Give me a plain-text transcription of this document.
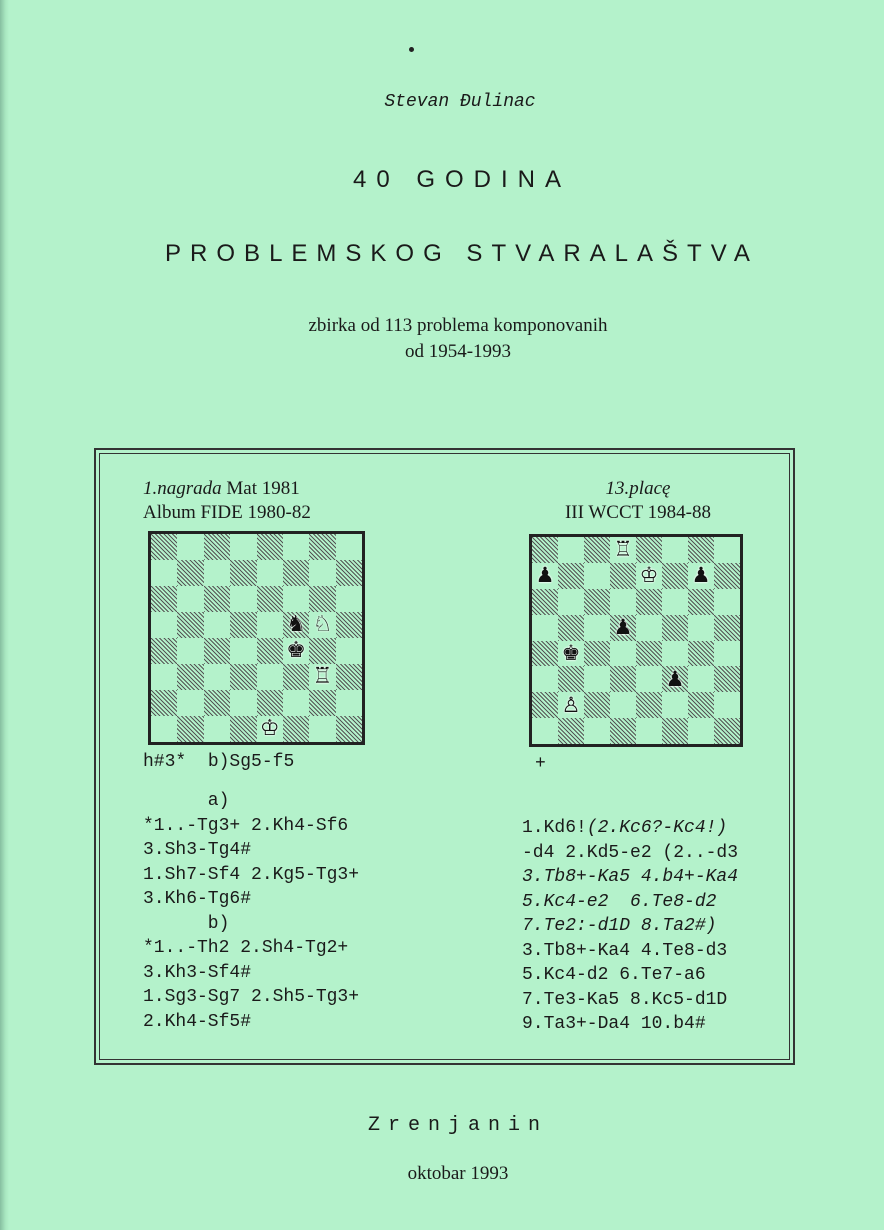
Stevan Đulinac
40 GODINA
PROBLEMSKOG STVARALAŠTVA
zbirka od 113 problema komponovanih
od 1954-1993
1.nagrada Mat 1981
Album FIDE 1980-82
♞ ♘
♚
♖
♔
h#3* b)Sg5-f5
a)
*1..-Tg3+ 2.Kh4-Sf6
3.Sh3-Tg4#
1.Sh7-Sf4 2.Kg5-Tg3+
3.Kh6-Tg6#
b)
*1..-Th2 2.Sh4-Tg2+
3.Kh3-Sf4#
1.Sg3-Sg7 2.Sh5-Tg3+
2.Kh4-Sf5#
13.placę
III WCCT 1984-88
♖
♟	♔ ♟
♟
♚
♟
♙
+
1.Kd6!(2.Kc6?-Kc4!)
-d4 2.Kd5-e2 (2..-d3
3.Tb8+-Ka5 4.b4+-Ka4
5.Kc4-e2  6.Te8-d2
7.Te2:-d1D 8.Ta2#)
3.Tb8+-Ka4 4.Te8-d3
5.Kc4-d2 6.Te7-a6
7.Te3-Ka5 8.Kc5-d1D
9.Ta3+-Da4 10.b4#
Zrenjanin
oktobar 1993
